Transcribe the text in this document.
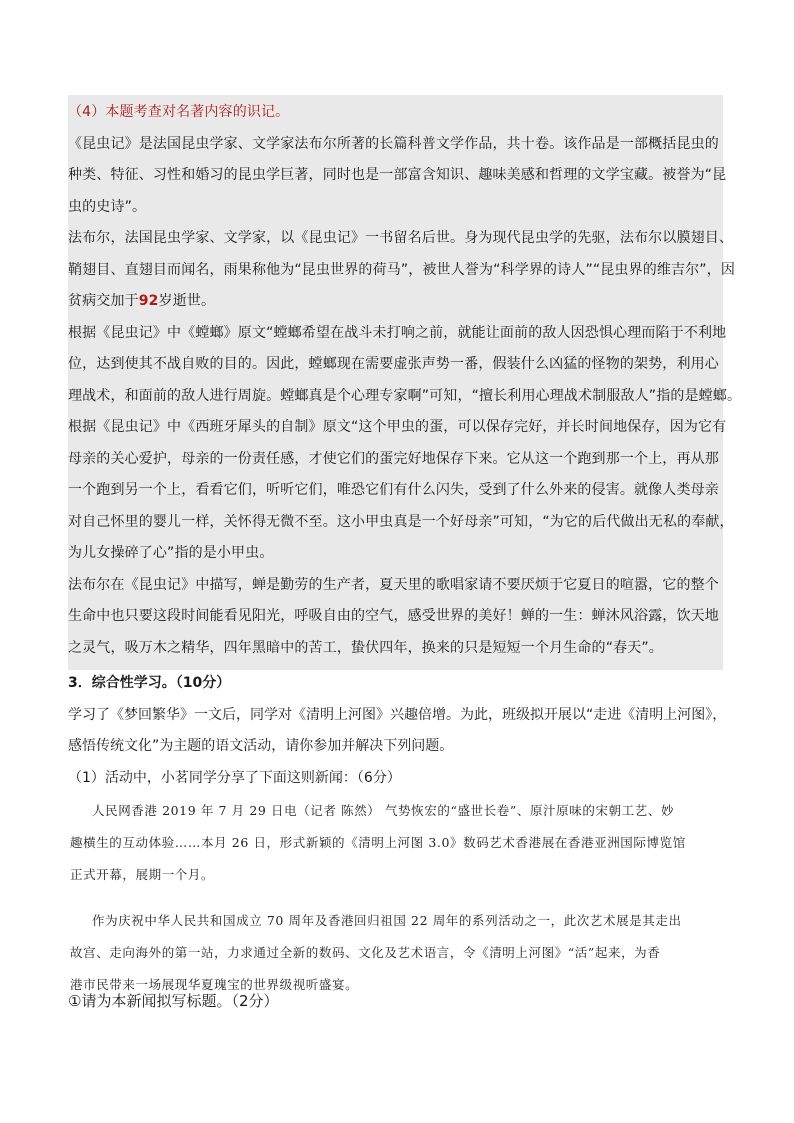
（4）本题考查对名著内容的识记。
《昆虫记》是法国昆虫学家、文学家法布尔所著的长篇科普文学作品，共十卷。该作品是一部概括昆虫的
种类、特征、习性和婚习的昆虫学巨著，同时也是一部富含知识、趣味美感和哲理的文学宝藏。被誉为“昆
虫的史诗”。
法布尔，法国昆虫学家、文学家，以《昆虫记》一书留名后世。身为现代昆虫学的先驱，法布尔以膜翅目、
鞘翅目、直翅目而闻名，雨果称他为“昆虫世界的荷马”，被世人誉为“科学界的诗人”“昆虫界的维吉尔”，因
贫病交加于92岁逝世。
根据《昆虫记》中《螳螂》原文“螳螂希望在战斗未打响之前，就能让面前的敌人因恐惧心理而陷于不利地
位，达到使其不战自败的目的。因此，螳螂现在需要虚张声势一番，假装什么凶猛的怪物的架势，利用心
理战术，和面前的敌人进行周旋。螳螂真是个心理专家啊”可知，“擅长利用心理战术制服敌人”指的是螳螂。
根据《昆虫记》中《西班牙犀头的自制》原文“这个甲虫的蛋，可以保存完好，并长时间地保存，因为它有
母亲的关心爱护，母亲的一份责任感，才使它们的蛋完好地保存下来。它从这一个跑到那一个上，再从那
一个跑到另一个上，看看它们，听听它们，唯恐它们有什么闪失，受到了什么外来的侵害。就像人类母亲
对自己怀里的婴儿一样，关怀得无微不至。这小甲虫真是一个好母亲”可知，“为它的后代做出无私的奉献，
为儿女操碎了心”指的是小甲虫。
法布尔在《昆虫记》中描写，蝉是勤劳的生产者，夏天里的歌唱家请不要厌烦于它夏日的喧嚣，它的整个
生命中也只要这段时间能看见阳光，呼吸自由的空气，感受世界的美好！蝉的一生：蝉沐风浴露，饮天地
之灵气，吸万木之精华，四年黑暗中的苦工，蛰伏四年，换来的只是短短一个月生命的“春天”。
3．综合性学习。（10分）
学习了《梦回繁华》一文后，同学对《清明上河图》兴趣倍增。为此，班级拟开展以“走进《清明上河图》，
感悟传统文化”为主题的语文活动，请你参加并解决下列问题。
（1）活动中，小茗同学分享了下面这则新闻：（6分）
人民网香港 2019 年 7 月 29 日电（记者 陈然） 气势恢宏的“盛世长卷”、原汁原味的宋朝工艺、妙
趣横生的互动体验……本月 26 日，形式新颖的《清明上河图 3.0》数码艺术香港展在香港亚洲国际博览馆
正式开幕，展期一个月。
作为庆祝中华人民共和国成立 70 周年及香港回归祖国 22 周年的系列活动之一，此次艺术展是其走出
故宫、走向海外的第一站，力求通过全新的数码、文化及艺术语言，令《清明上河图》“活”起来，为香
港市民带来一场展现华夏瑰宝的世界级视听盛宴。
①请为本新闻拟写标题。（2分）
